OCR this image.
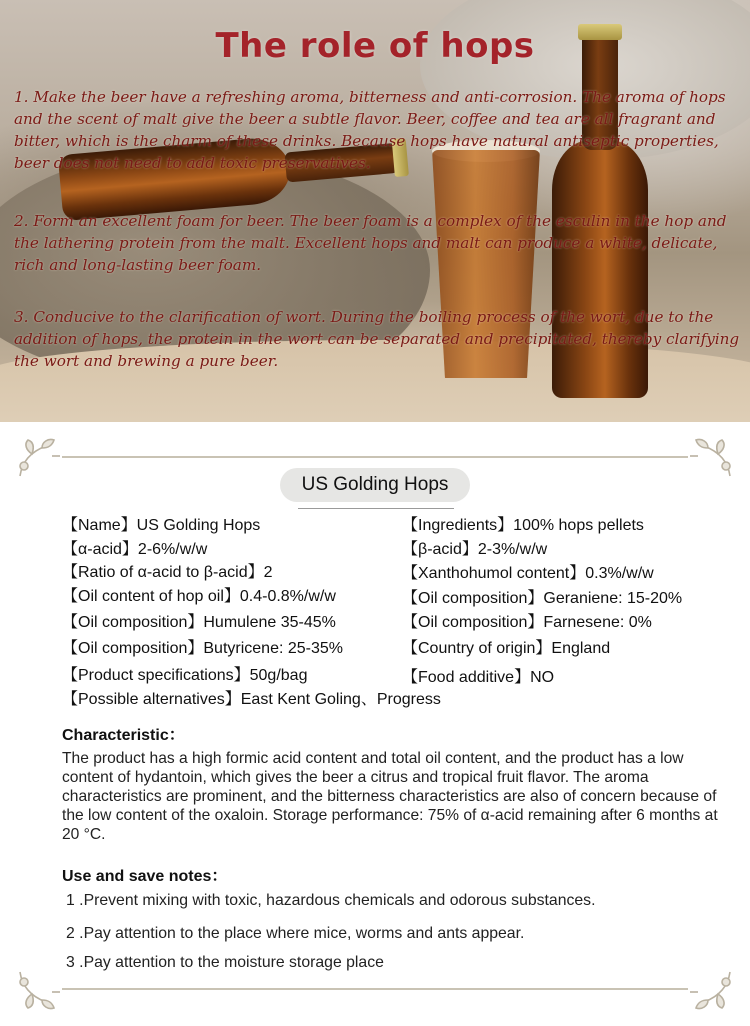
The role of hops

1. Make the beer have a refreshing aroma, bitterness and anti-corrosion. The aroma of hops and the scent of malt give the beer a subtle flavor. Beer, coffee and tea are all fragrant and bitter, which is the charm of these drinks. Because hops have natural antiseptic properties, beer does not need to add toxic preservatives.

2. Form an excellent foam for beer. The beer foam is a complex of the esculin in the hop and the lathering protein from the malt. Excellent hops and malt can produce a white, delicate, rich and long-lasting beer foam.

3. Conducive to the clarification of wort. During the boiling process of the wort, due to the addition of hops, the protein in the wort can be separated and precipitated, thereby clarifying the wort and brewing a pure beer.

US Golding Hops

【Name】US Golding Hops

【α-acid】2-6%/w/w

【Ratio of α-acid to β-acid】2

【Oil content of hop oil】0.4-0.8%/w/w

【Oil composition】Humulene 35-45%

【Oil composition】Butyricene: 25-35%

【Product specifications】50g/bag

【Possible alternatives】East Kent Goling、Progress

【Ingredients】100% hops pellets

【β-acid】2-3%/w/w

【Xanthohumol content】0.3%/w/w

【Oil composition】Geraniene: 15-20%

【Oil composition】Farnesene: 0%

【Country of origin】England

【Food additive】NO

Characteristic：

The product has a high formic acid content and total oil content, and the product has a low content of hydantoin, which gives the beer a citrus and tropical fruit flavor. The aroma characteristics are prominent, and the bitterness characteristics are also of concern because of the low content of the oxaloin. Storage performance: 75% of α-acid remaining after 6 months at 20 °C.

Use and save notes：

1 .Prevent mixing with toxic, hazardous chemicals and odorous substances.

2 .Pay attention to the place where mice, worms and ants appear.

3 .Pay attention to the moisture storage place
